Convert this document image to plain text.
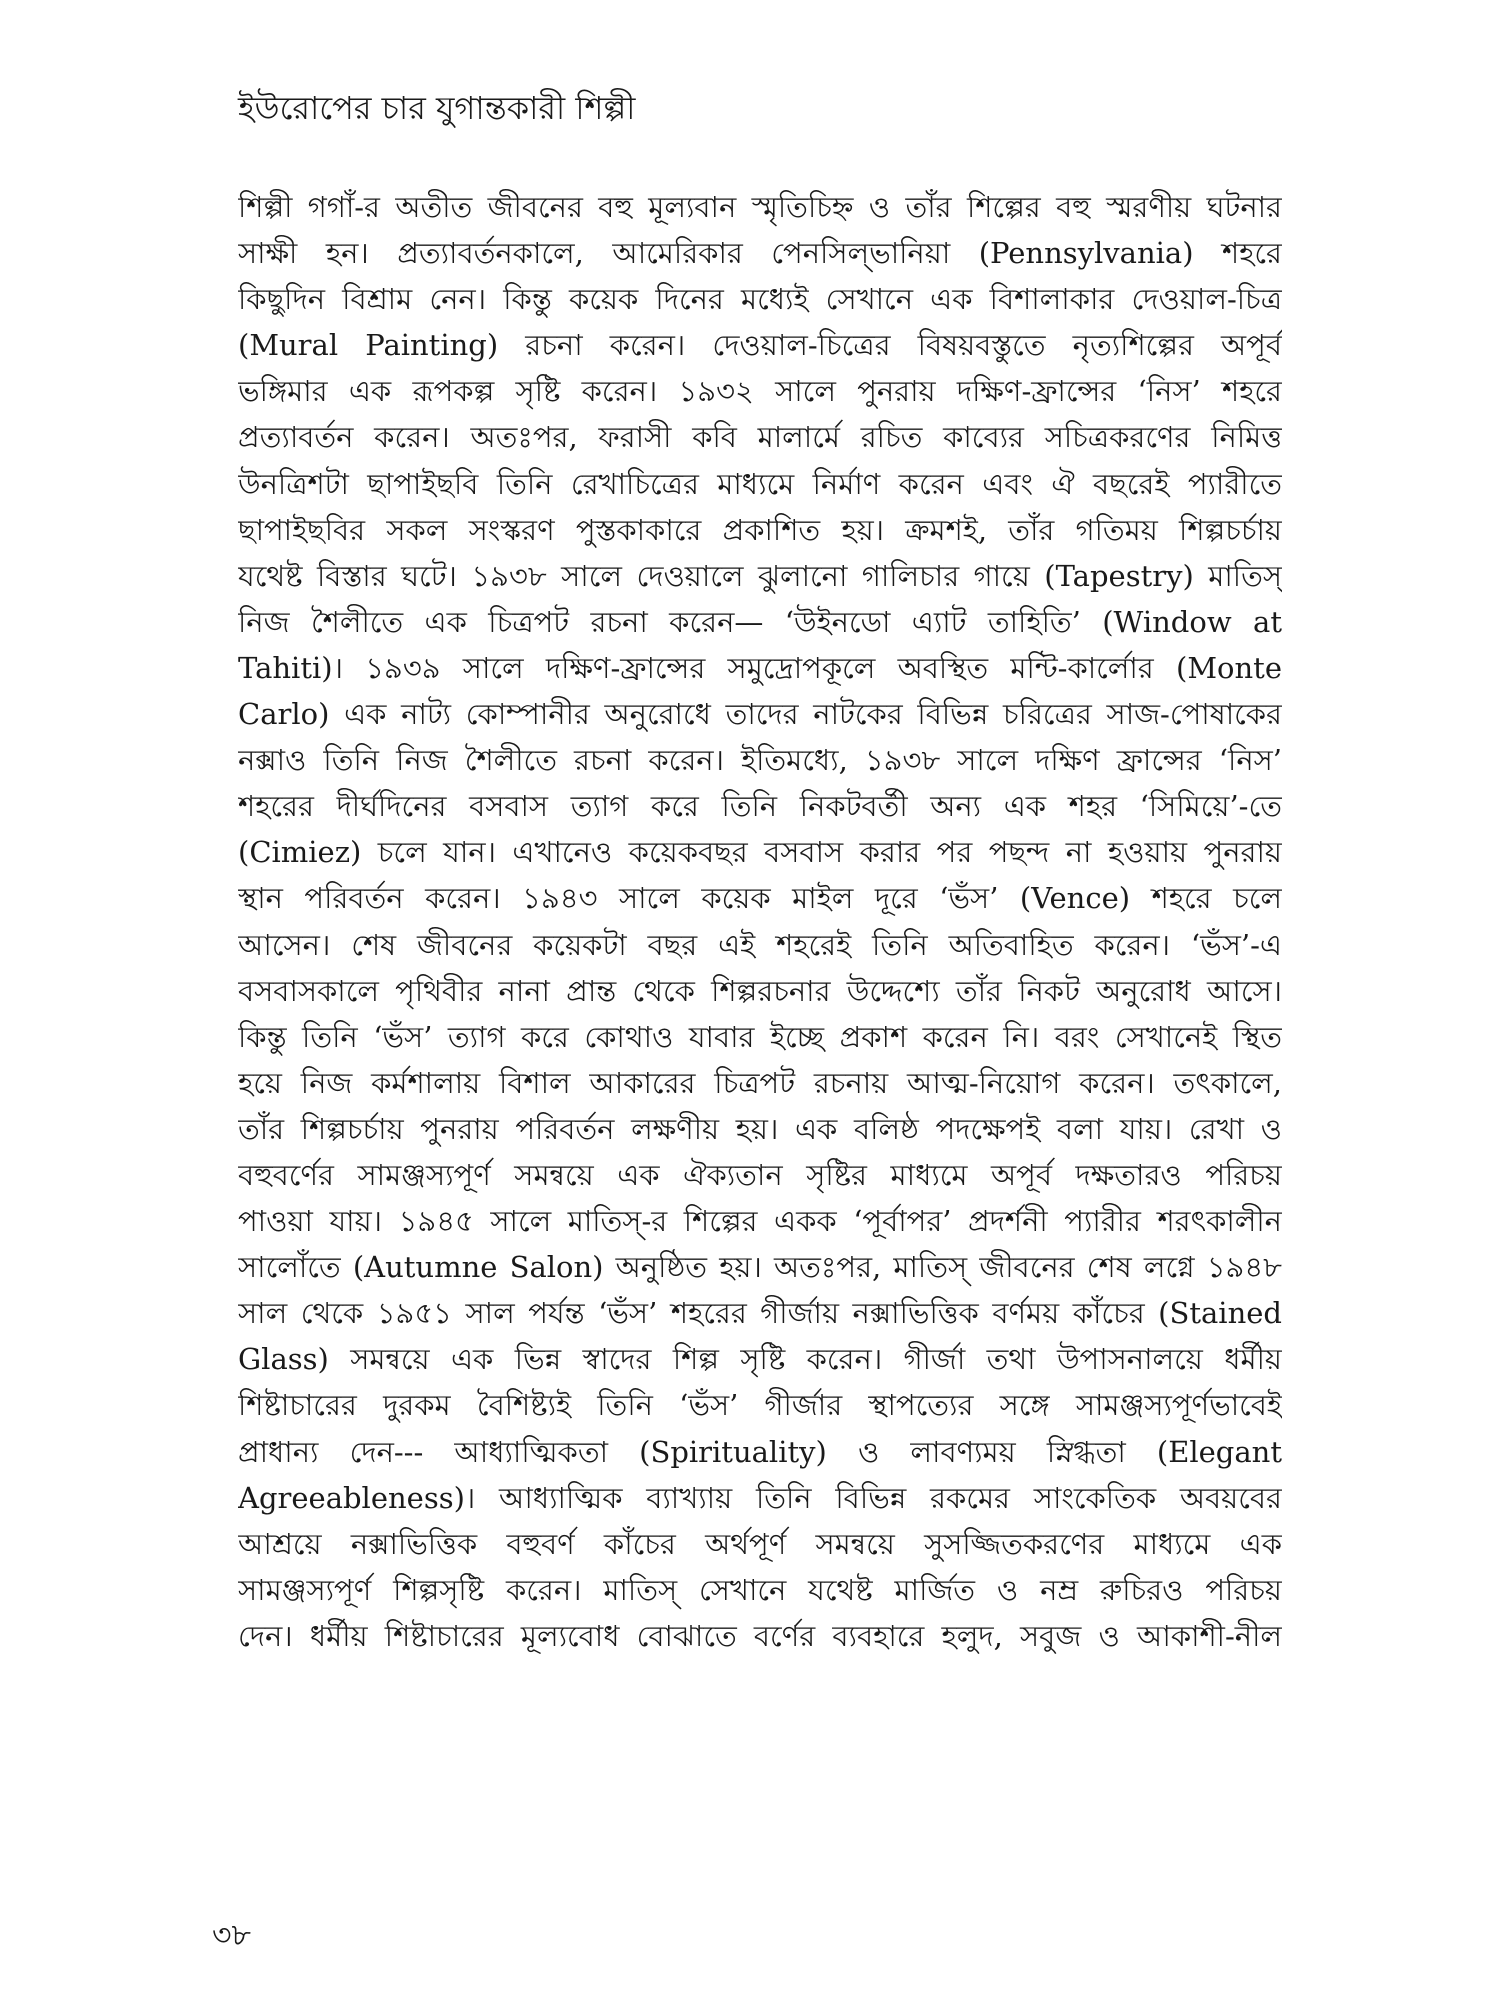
ইউরোপের চার যুগান্তকারী শিল্পী
শিল্পী গগাঁ-র অতীত জীবনের বহু মূল্যবান স্মৃতিচিহ্ন ও তাঁর শিল্পের বহু স্মরণীয় ঘটনার
সাক্ষী হন। প্রত্যাবর্তনকালে, আমেরিকার পেনসিল্‌ভানিয়া (Pennsylvania) শহরে
কিছুদিন বিশ্রাম নেন। কিন্তু কয়েক দিনের মধ্যেই সেখানে এক বিশালাকার দেওয়াল-চিত্র
(Mural Painting) রচনা করেন। দেওয়াল-চিত্রের বিষয়বস্তুতে নৃত্যশিল্পের অপূর্ব
ভঙ্গিমার এক রূপকল্প সৃষ্টি করেন। ১৯৩২ সালে পুনরায় দক্ষিণ-ফ্রান্সের ‘নিস’ শহরে
প্রত্যাবর্তন করেন। অতঃপর, ফরাসী কবি মালার্মে রচিত কাব্যের সচিত্রকরণের নিমিত্ত
উনত্রিশটা ছাপাইছবি তিনি রেখাচিত্রের মাধ্যমে নির্মাণ করেন এবং ঐ বছরেই প্যারীতে
ছাপাইছবির সকল সংস্করণ পুস্তকাকারে প্রকাশিত হয়। ক্রমশই, তাঁর গতিময় শিল্পচর্চায়
যথেষ্ট বিস্তার ঘটে। ১৯৩৮ সালে দেওয়ালে ঝুলানো গালিচার গায়ে (Tapestry) মাতিস্‌
নিজ শৈলীতে এক চিত্রপট রচনা করেন— ‘উইনডো এ্যাট তাহিতি’ (Window at
Tahiti)। ১৯৩৯ সালে দক্ষিণ-ফ্রান্সের সমুদ্রোপকূলে অবস্থিত মন্টি-কার্লোর (Monte
Carlo) এক নাট্য কোম্পানীর অনুরোধে তাদের নাটকের বিভিন্ন চরিত্রের সাজ-পোষাকের
নক্সাও তিনি নিজ শৈলীতে রচনা করেন। ইতিমধ্যে, ১৯৩৮ সালে দক্ষিণ ফ্রান্সের ‘নিস’
শহরের দীর্ঘদিনের বসবাস ত্যাগ করে তিনি নিকটবর্তী অন্য এক শহর ‘সিমিয়ে’-তে
(Cimiez) চলে যান। এখানেও কয়েকবছর বসবাস করার পর পছন্দ না হওয়ায় পুনরায়
স্থান পরিবর্তন করেন। ১৯৪৩ সালে কয়েক মাইল দূরে ‘ভঁস’ (Vence) শহরে চলে
আসেন। শেষ জীবনের কয়েকটা বছর এই শহরেই তিনি অতিবাহিত করেন। ‘ভঁস’-এ
বসবাসকালে পৃথিবীর নানা প্রান্ত থেকে শিল্পরচনার উদ্দেশ্যে তাঁর নিকট অনুরোধ আসে।
কিন্তু তিনি ‘ভঁস’ ত্যাগ করে কোথাও যাবার ইচ্ছে প্রকাশ করেন নি। বরং সেখানেই স্থিত
হয়ে নিজ কর্মশালায় বিশাল আকারের চিত্রপট রচনায় আত্ম-নিয়োগ করেন। তৎকালে,
তাঁর শিল্পচর্চায় পুনরায় পরিবর্তন লক্ষণীয় হয়। এক বলিষ্ঠ পদক্ষেপই বলা যায়। রেখা ও
বহুবর্ণের সামঞ্জস্যপূর্ণ সমন্বয়ে এক ঐক্যতান সৃষ্টির মাধ্যমে অপূর্ব দক্ষতারও পরিচয়
পাওয়া যায়। ১৯৪৫ সালে মাতিস্‌-র শিল্পের একক ‘পূর্বাপর’ প্রদর্শনী প্যারীর শরৎকালীন
সালোঁতে (Autumne Salon) অনুষ্ঠিত হয়। অতঃপর, মাতিস্‌ জীবনের শেষ লগ্নে ১৯৪৮
সাল থেকে ১৯৫১ সাল পর্যন্ত ‘ভঁস’ শহরের গীর্জায় নক্সাভিত্তিক বর্ণময় কাঁচের (Stained
Glass) সমন্বয়ে এক ভিন্ন স্বাদের শিল্প সৃষ্টি করেন। গীর্জা তথা উপাসনালয়ে ধর্মীয়
শিষ্টাচারের দুরকম বৈশিষ্ট্যই তিনি ‘ভঁস’ গীর্জার স্থাপত্যের সঙ্গে সামঞ্জস্যপূর্ণভাবেই
প্রাধান্য দেন--- আধ্যাত্মিকতা (Spirituality) ও লাবণ্যময় স্নিগ্ধতা (Elegant
Agreeableness)। আধ্যাত্মিক ব্যাখ্যায় তিনি বিভিন্ন রকমের সাংকেতিক অবয়বের
আশ্রয়ে নক্সাভিত্তিক বহুবর্ণ কাঁচের অর্থপূর্ণ সমন্বয়ে সুসজ্জিতকরণের মাধ্যমে এক
সামঞ্জস্যপূর্ণ শিল্পসৃষ্টি করেন। মাতিস্‌ সেখানে যথেষ্ট মার্জিত ও নম্র রুচিরও পরিচয়
দেন। ধর্মীয় শিষ্টাচারের মূল্যবোধ বোঝাতে বর্ণের ব্যবহারে হলুদ, সবুজ ও আকাশী-নীল
৩৮
